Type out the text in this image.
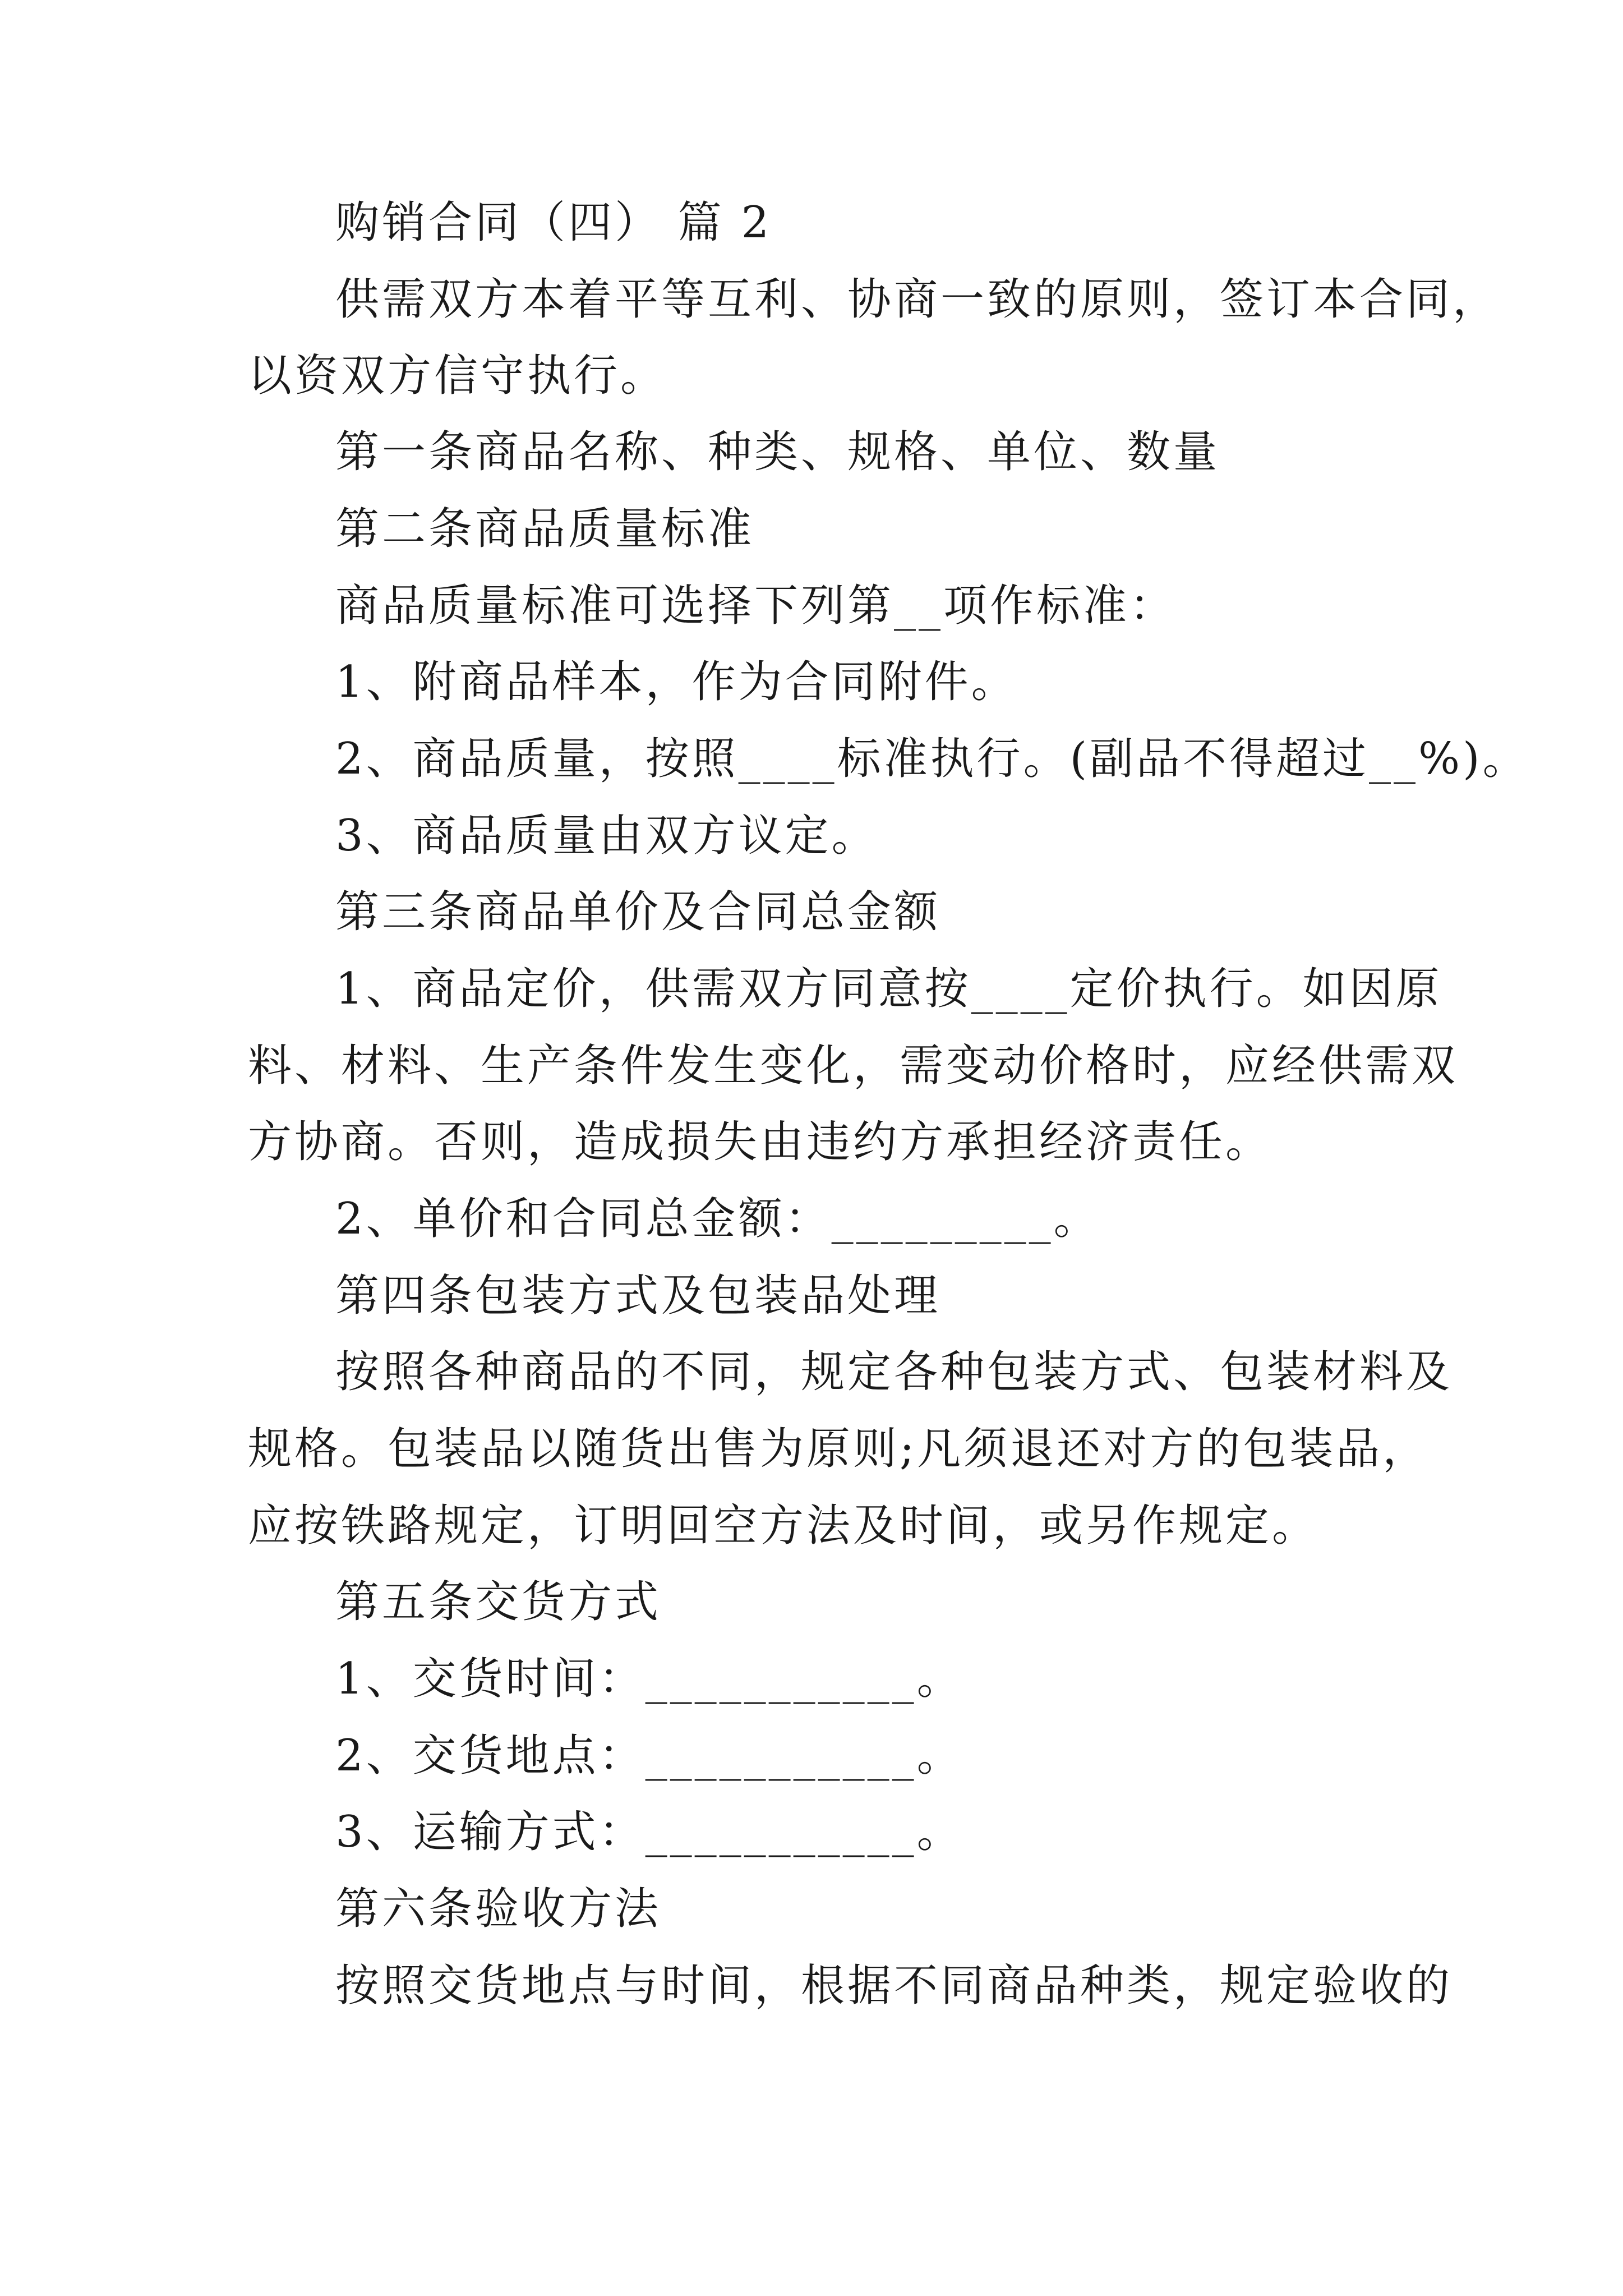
购销合同（四） 篇 2
供需双方本着平等互利、协商一致的原则，签订本合同，
以资双方信守执行。
第一条商品名称、种类、规格、单位、数量
第二条商品质量标准
商品质量标准可选择下列第__项作标准：
1、附商品样本，作为合同附件。
2、商品质量，按照____标准执行。(副品不得超过__%)。
3、商品质量由双方议定。
第三条商品单价及合同总金额
1、商品定价，供需双方同意按____定价执行。如因原
料、材料、生产条件发生变化，需变动价格时，应经供需双
方协商。否则，造成损失由违约方承担经济责任。
2、单价和合同总金额：_________。
第四条包装方式及包装品处理
按照各种商品的不同，规定各种包装方式、包装材料及
规格。包装品以随货出售为原则;凡须退还对方的包装品，
应按铁路规定，订明回空方法及时间，或另作规定。
第五条交货方式
1、交货时间：___________。
2、交货地点：___________。
3、运输方式：___________。
第六条验收方法
按照交货地点与时间，根据不同商品种类，规定验收的
